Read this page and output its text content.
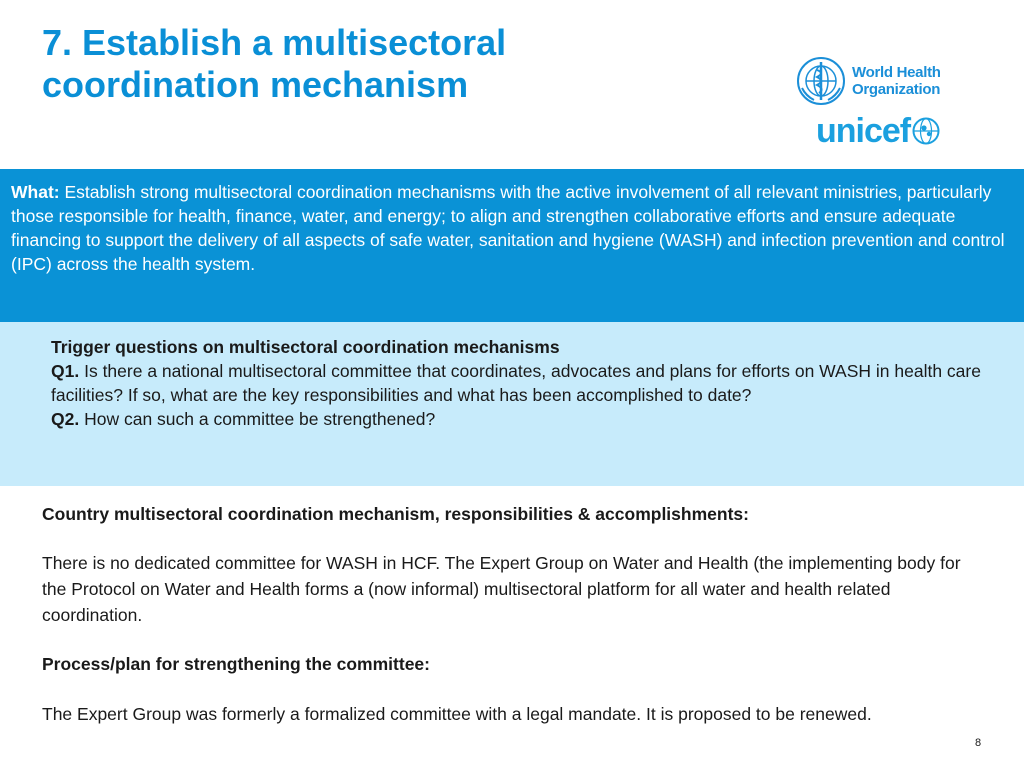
7. Establish a multisectoral
coordination mechanism	World Health
Organization
unicef

What: Establish strong multisectoral coordination mechanisms with the active involvement of all relevant ministries, particularly those responsible for health, finance, water, and energy; to align and strengthen collaborative efforts and ensure adequate financing to support the delivery of all aspects of safe water, sanitation and hygiene (WASH) and infection prevention and control (IPC) across the health system.

Trigger questions on multisectoral coordination mechanisms
Q1. Is there a national multisectoral committee that coordinates, advocates and plans for efforts on WASH in health care facilities? If so, what are the key responsibilities and what has been accomplished to date?
Q2. How can such a committee be strengthened?

Country multisectoral coordination mechanism, responsibilities & accomplishments:

There is no dedicated committee for WASH in HCF. The Expert Group on Water and Health (the implementing body for the Protocol on Water and Health forms a (now informal) multisectoral platform for all water and health related coordination.

Process/plan for strengthening the committee:

The Expert Group was formerly a formalized committee with a legal mandate. It is proposed to be renewed.

8
